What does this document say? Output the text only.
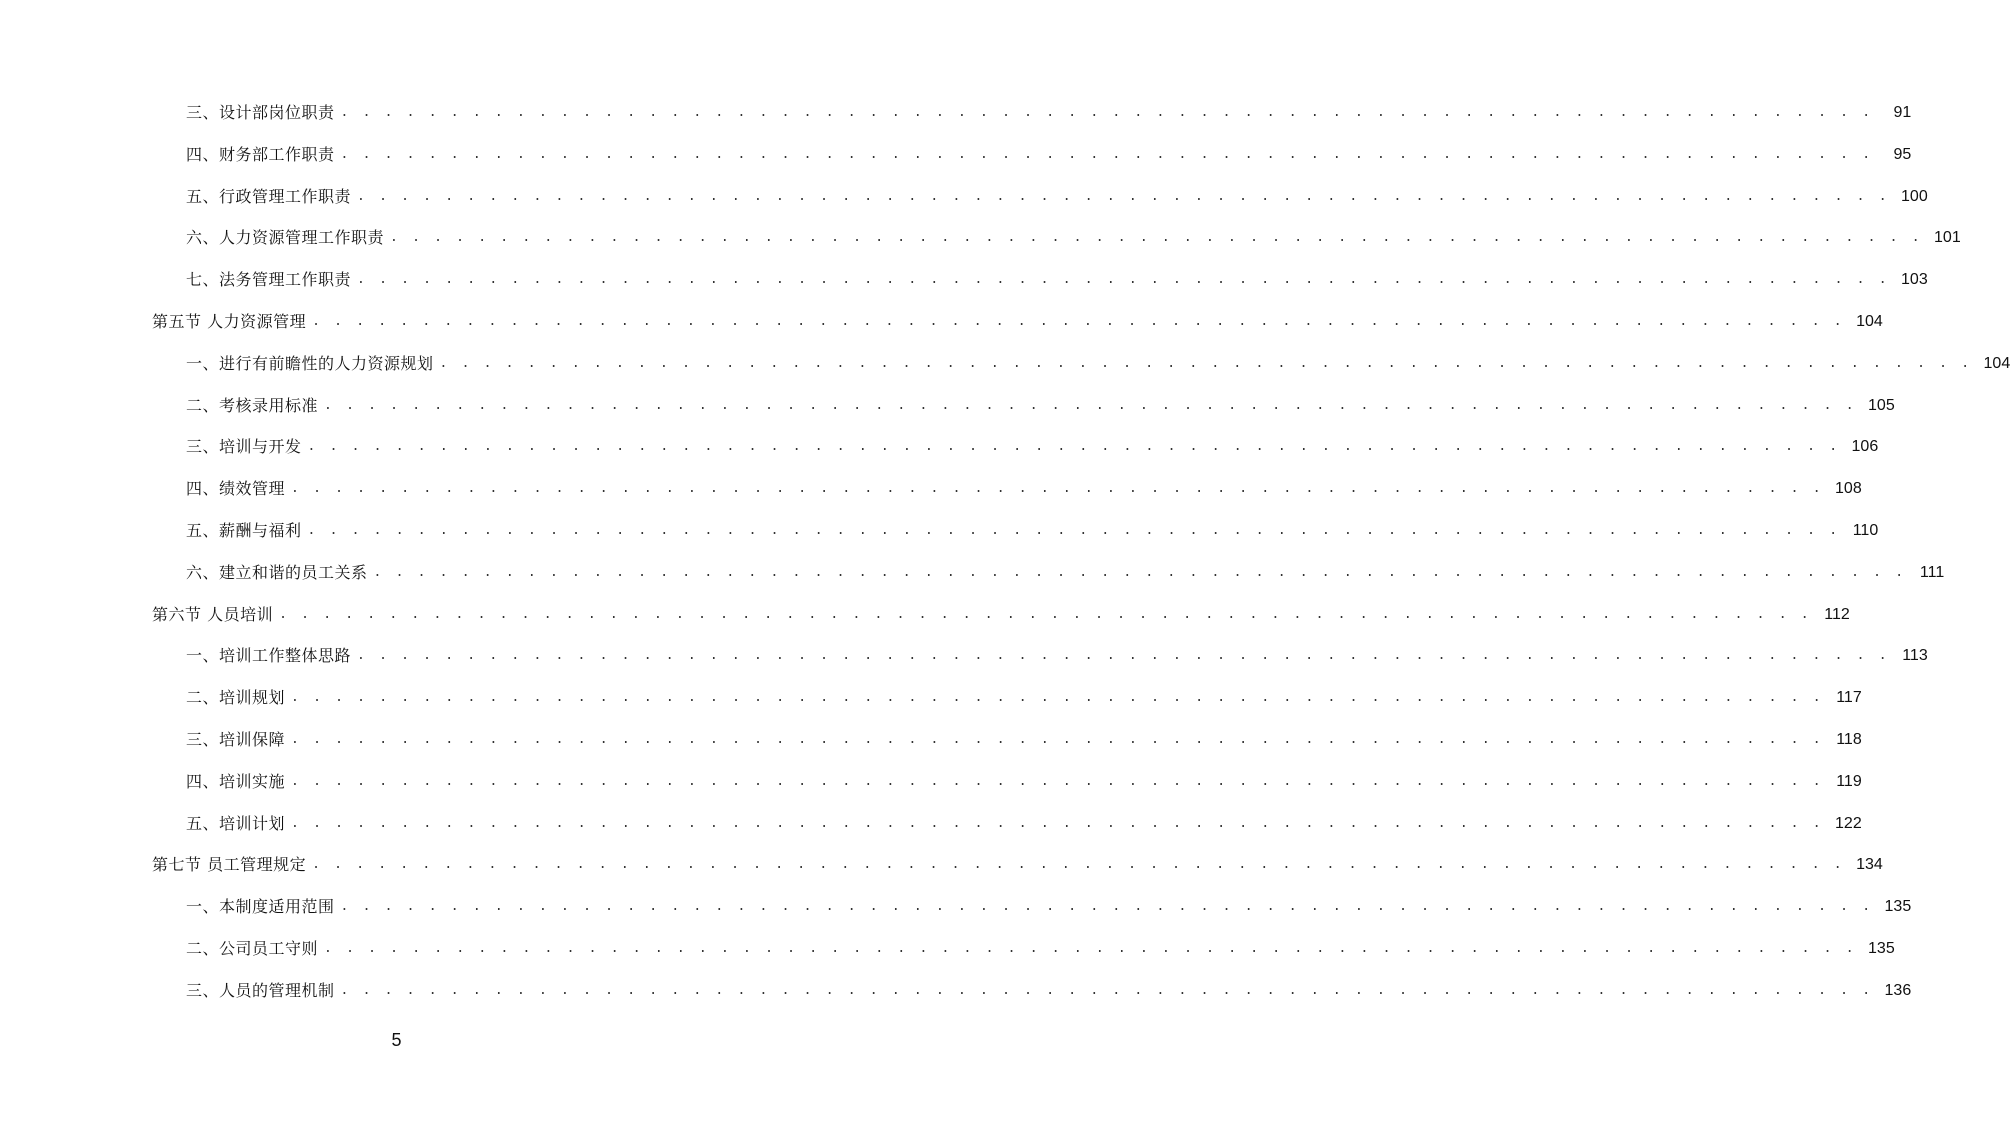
三、设计部岗位职责 . . . . . . . . . . . . . . . . . . . . . . . . . . . . . . . . . . . . . . . . . . . . . . . . . . . . . . . . . . . . . . . . . . . . . .	91
四、财务部工作职责 . . . . . . . . . . . . . . . . . . . . . . . . . . . . . . . . . . . . . . . . . . . . . . . . . . . . . . . . . . . . . . . . . . . . . .	95
五、行政管理工作职责 . . . . . . . . . . . . . . . . . . . . . . . . . . . . . . . . . . . . . . . . . . . . . . . . . . . . . . . . . . . . . . . . . . . . . . 100
六、人力资源管理工作职责 . . . . . . . . . . . . . . . . . . . . . . . . . . . . . . . . . . . . . . . . . . . . . . . . . . . . . . . . . . . . . . . . . . . . . . 101
七、法务管理工作职责 . . . . . . . . . . . . . . . . . . . . . . . . . . . . . . . . . . . . . . . . . . . . . . . . . . . . . . . . . . . . . . . . . . . . . . 103
第五节 人力资源管理 . . . . . . . . . . . . . . . . . . . . . . . . . . . . . . . . . . . . . . . . . . . . . . . . . . . . . . . . . . . . . . . . . . . . . . 104
一、进行有前瞻性的人力资源规划 . . . . . . . . . . . . . . . . . . . . . . . . . . . . . . . . . . . . . . . . . . . . . . . . . . . . . . . . . . . . . . . . . . . . . . 104
二、考核录用标准 . . . . . . . . . . . . . . . . . . . . . . . . . . . . . . . . . . . . . . . . . . . . . . . . . . . . . . . . . . . . . . . . . . . . . . 105
三、培训与开发 . . . . . . . . . . . . . . . . . . . . . . . . . . . . . . . . . . . . . . . . . . . . . . . . . . . . . . . . . . . . . . . . . . . . . . 106
四、绩效管理 . . . . . . . . . . . . . . . . . . . . . . . . . . . . . . . . . . . . . . . . . . . . . . . . . . . . . . . . . . . . . . . . . . . . . . 108
五、薪酬与福利 . . . . . . . . . . . . . . . . . . . . . . . . . . . . . . . . . . . . . . . . . . . . . . . . . . . . . . . . . . . . . . . . . . . . . . 110
六、建立和谐的员工关系 . . . . . . . . . . . . . . . . . . . . . . . . . . . . . . . . . . . . . . . . . . . . . . . . . . . . . . . . . . . . . . . . . . . . . . 111
第六节 人员培训 . . . . . . . . . . . . . . . . . . . . . . . . . . . . . . . . . . . . . . . . . . . . . . . . . . . . . . . . . . . . . . . . . . . . . . 112
一、培训工作整体思路 . . . . . . . . . . . . . . . . . . . . . . . . . . . . . . . . . . . . . . . . . . . . . . . . . . . . . . . . . . . . . . . . . . . . . . 113
二、培训规划 . . . . . . . . . . . . . . . . . . . . . . . . . . . . . . . . . . . . . . . . . . . . . . . . . . . . . . . . . . . . . . . . . . . . . . 117
三、培训保障 . . . . . . . . . . . . . . . . . . . . . . . . . . . . . . . . . . . . . . . . . . . . . . . . . . . . . . . . . . . . . . . . . . . . . . 118
四、培训实施 . . . . . . . . . . . . . . . . . . . . . . . . . . . . . . . . . . . . . . . . . . . . . . . . . . . . . . . . . . . . . . . . . . . . . . 119
五、培训计划 . . . . . . . . . . . . . . . . . . . . . . . . . . . . . . . . . . . . . . . . . . . . . . . . . . . . . . . . . . . . . . . . . . . . . . 122
第七节 员工管理规定 . . . . . . . . . . . . . . . . . . . . . . . . . . . . . . . . . . . . . . . . . . . . . . . . . . . . . . . . . . . . . . . . . . . . . . 134
一、本制度适用范围 . . . . . . . . . . . . . . . . . . . . . . . . . . . . . . . . . . . . . . . . . . . . . . . . . . . . . . . . . . . . . . . . . . . . . . 135
二、公司员工守则 . . . . . . . . . . . . . . . . . . . . . . . . . . . . . . . . . . . . . . . . . . . . . . . . . . . . . . . . . . . . . . . . . . . . . . 135
三、人员的管理机制 . . . . . . . . . . . . . . . . . . . . . . . . . . . . . . . . . . . . . . . . . . . . . . . . . . . . . . . . . . . . . . . . . . . . . . 136
5
